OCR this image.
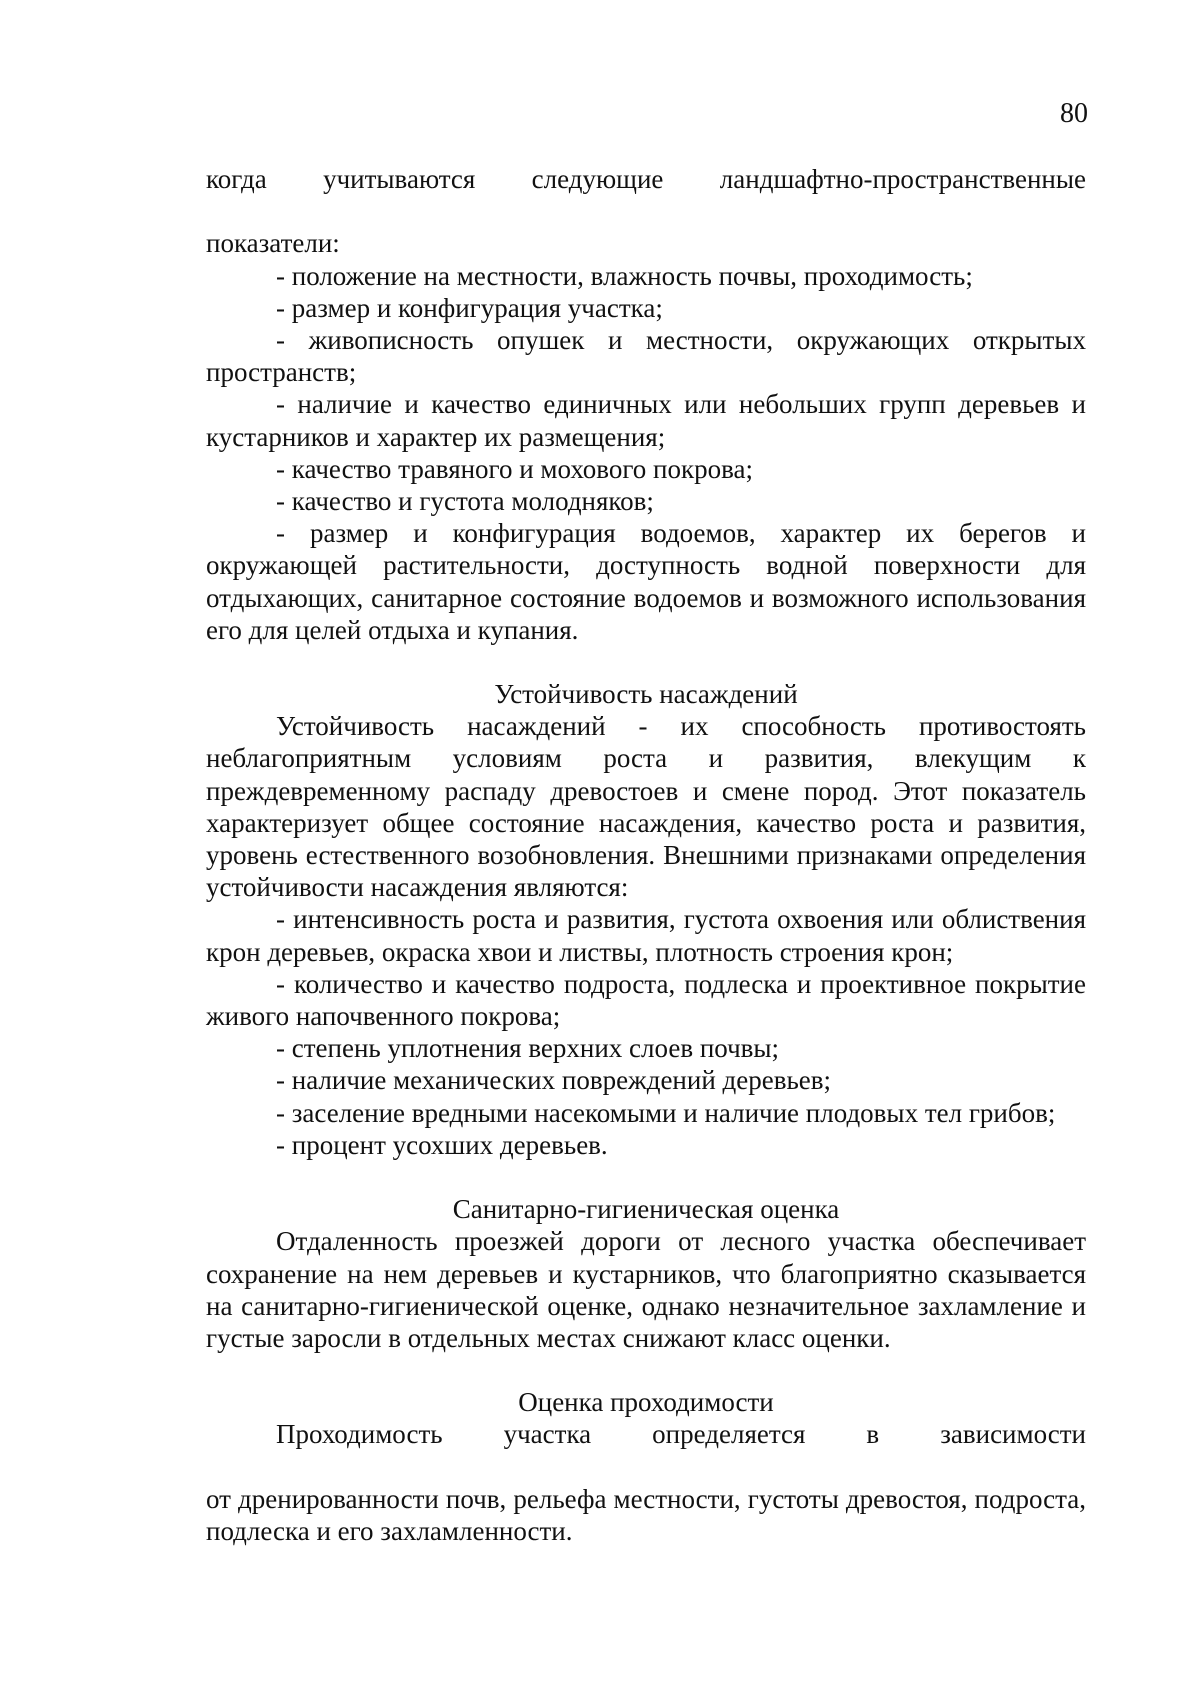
80

когда учитываются следующие ландшафтно-пространственные

показатели:

- положение на местности, влажность почвы, проходимость;

- размер и конфигурация участка;

- живописность опушек и местности, окружающих открытых пространств;

- наличие и качество единичных или небольших групп деревьев и кустарников и характер их размещения;

- качество травяного и мохового покрова;

- качество и густота молодняков;

- размер и конфигурация водоемов, характер их берегов и окружающей растительности, доступность водной поверхности для отдыхающих, санитарное состояние водоемов и возможного использования его для целей отдыха и купания.

Устойчивость насаждений

Устойчивость насаждений - их способность противостоять неблагоприятным условиям роста и развития, влекущим к преждевременному распаду древостоев и смене пород. Этот показатель характеризует общее состояние насаждения, качество роста и развития, уровень естественного возобновления. Внешними признаками определения устойчивости насаждения являются:

- интенсивность роста и развития, густота охвоения или облиствения крон деревьев, окраска хвои и листвы, плотность строения крон;

- количество и качество подроста, подлеска и проективное покрытие живого напочвенного покрова;

- степень уплотнения верхних слоев почвы;

- наличие механических повреждений деревьев;

- заселение вредными насекомыми и наличие плодовых тел грибов;

- процент усохших деревьев.

Санитарно-гигиеническая оценка

Отдаленность проезжей дороги от лесного участка обеспечивает сохранение на нем деревьев и кустарников, что благоприятно сказывается на санитарно-гигиенической оценке, однако незначительное захламление и густые заросли в отдельных местах снижают класс оценки.

Оценка проходимости

Проходимость участка определяется в зависимости

от дренированности почв, рельефа местности, густоты древостоя, подроста, подлеска и его захламленности.
